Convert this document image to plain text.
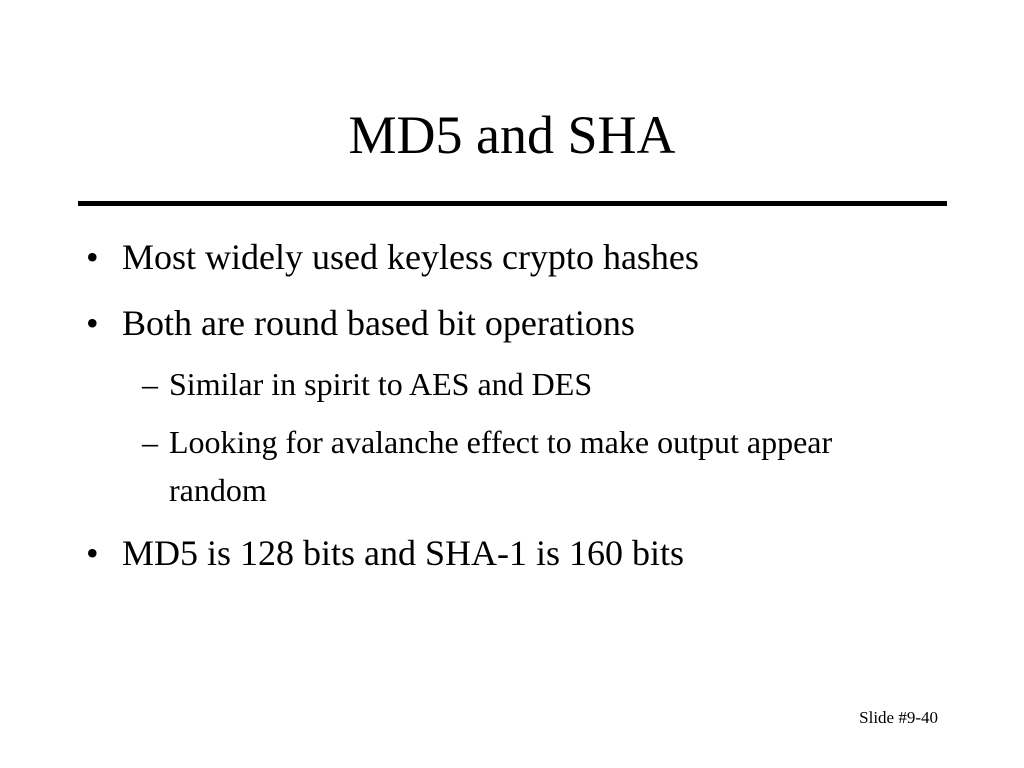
MD5 and SHA
• Most widely used keyless crypto hashes
• Both are round based bit operations
– Similar in spirit to AES and DES
– Looking for avalanche effect to make output appear random
• MD5 is 128 bits and SHA-1 is 160 bits
Slide #9-40
